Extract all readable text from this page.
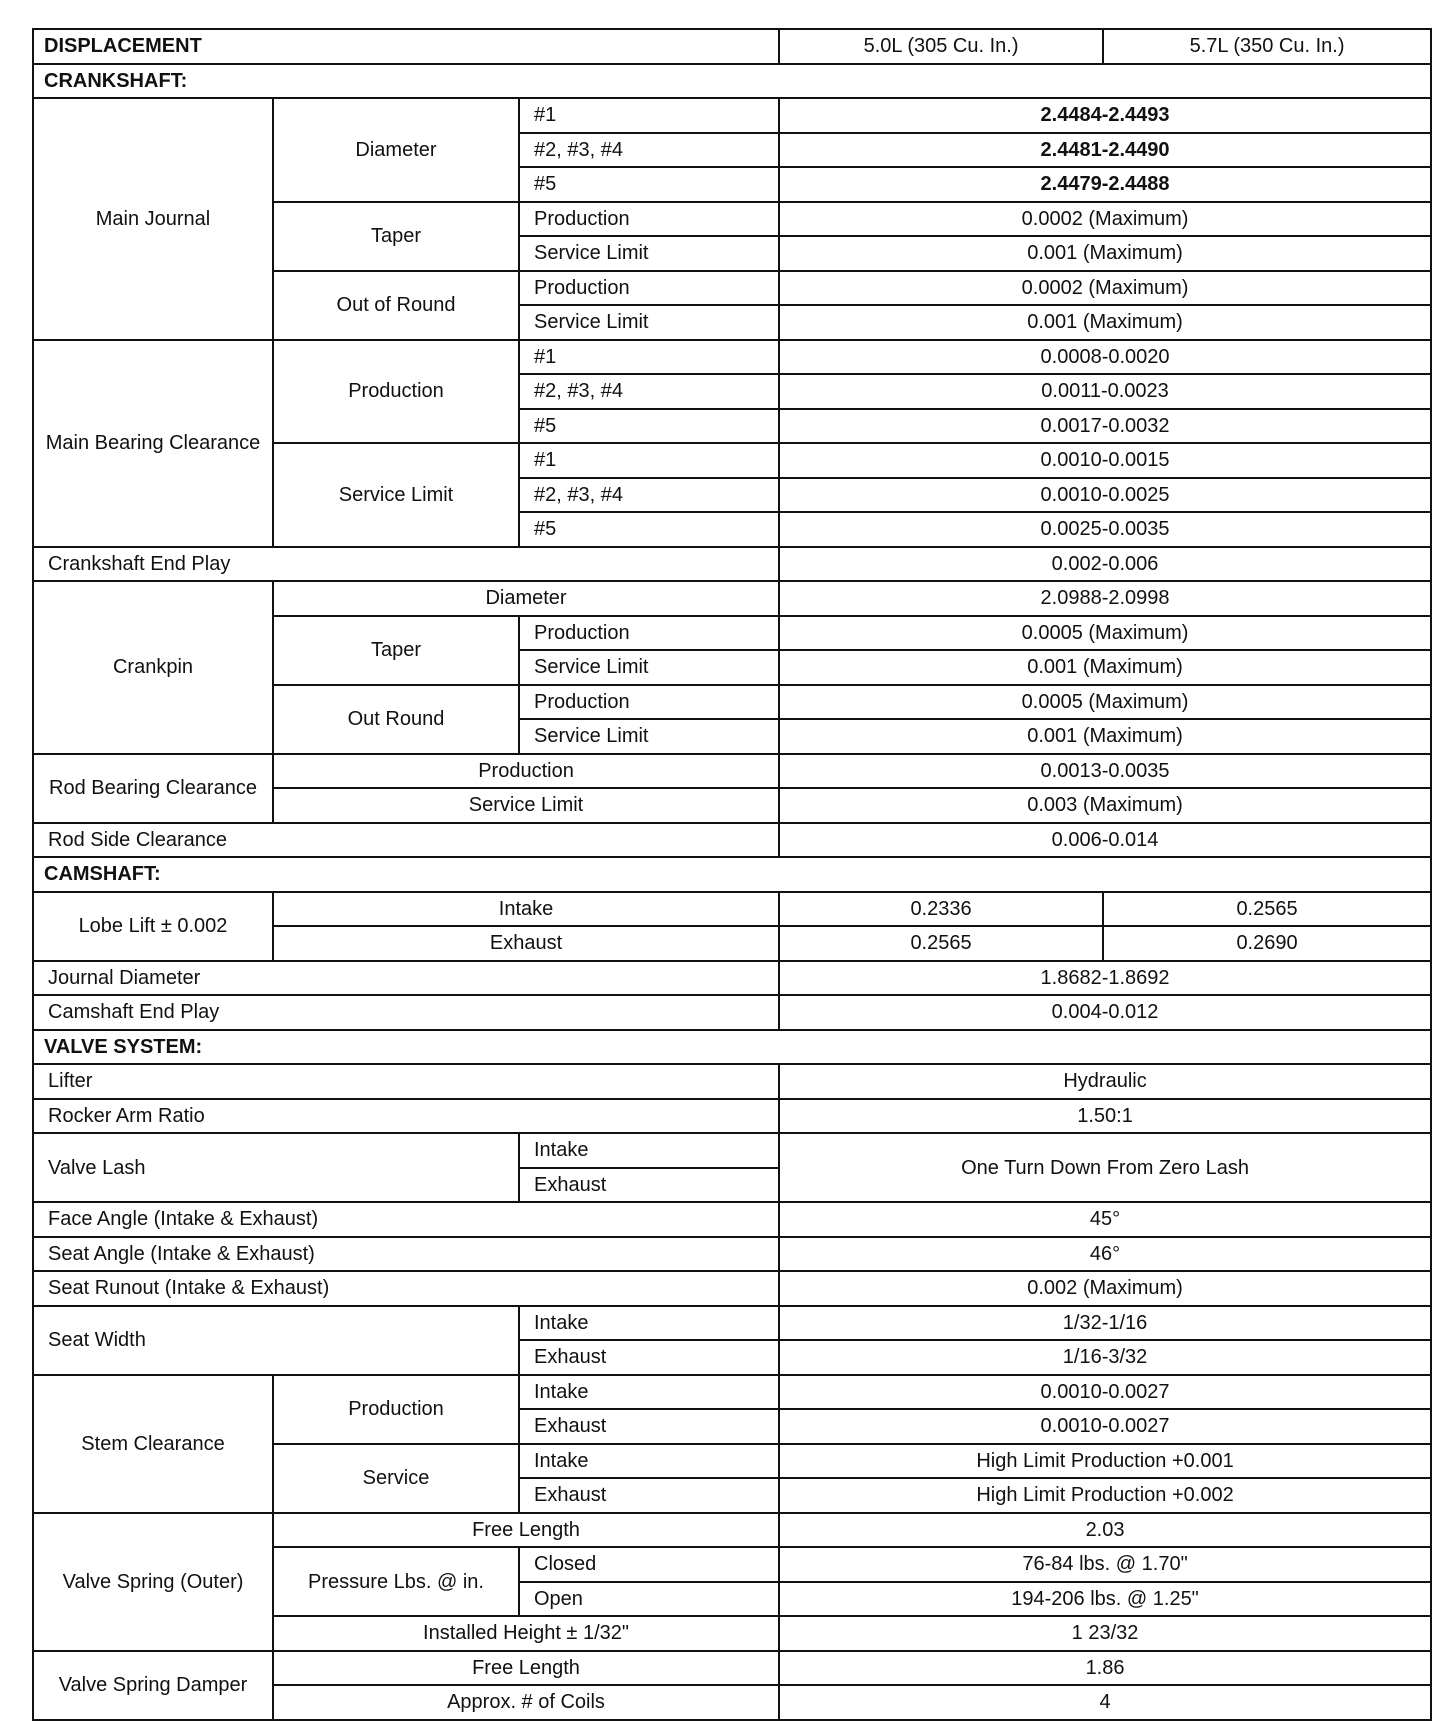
DISPLACEMENT			5.0L (305 Cu. In.)	5.7L (350 Cu. In.)
CRANKSHAFT:				
Main Journal	Diameter	#1	2.4484-2.4493	
		#2, #3, #4	2.4481-2.4490	
		#5	2.4479-2.4488	
	Taper	Production	0.0002 (Maximum)	
		Service Limit	0.001 (Maximum)	
	Out of Round	Production	0.0002 (Maximum)	
		Service Limit	0.001 (Maximum)	
Main Bearing Clearance	Production	#1	0.0008-0.0020	
		#2, #3, #4	0.0011-0.0023	
		#5	0.0017-0.0032	
	Service Limit	#1	0.0010-0.0015	
		#2, #3, #4	0.0010-0.0025	
		#5	0.0025-0.0035	
Crankshaft End Play			0.002-0.006	
Crankpin	Diameter		2.0988-2.0998	
	Taper	Production	0.0005 (Maximum)	
		Service Limit	0.001 (Maximum)	
	Out Round	Production	0.0005 (Maximum)	
		Service Limit	0.001 (Maximum)	
Rod Bearing Clearance	Production		0.0013-0.0035	
	Service Limit		0.003 (Maximum)	
Rod Side Clearance			0.006-0.014	
CAMSHAFT:				
Lobe Lift ± 0.002	Intake		0.2336	0.2565
	Exhaust		0.2565	0.2690
Journal Diameter			1.8682-1.8692	
Camshaft End Play			0.004-0.012	
VALVE SYSTEM:				
Lifter			Hydraulic	
Rocker Arm Ratio			1.50:1	
Valve Lash		Intake	One Turn Down From Zero Lash	
		Exhaust		
Face Angle (Intake & Exhaust)			45°	
Seat Angle (Intake & Exhaust)			46°	
Seat Runout (Intake & Exhaust)			0.002 (Maximum)	
Seat Width		Intake	1/32-1/16	
		Exhaust	1/16-3/32	
Stem Clearance	Production	Intake	0.0010-0.0027	
		Exhaust	0.0010-0.0027	
	Service	Intake	High Limit Production +0.001	
		Exhaust	High Limit Production +0.002	
Valve Spring (Outer)	Free Length		2.03	
	Pressure Lbs. @ in.	Closed	76-84 lbs. @ 1.70"	
		Open	194-206 lbs. @ 1.25"	
	Installed Height ± 1/32"		1 23/32	
Valve Spring Damper	Free Length		1.86	
	Approx. # of Coils		4	
